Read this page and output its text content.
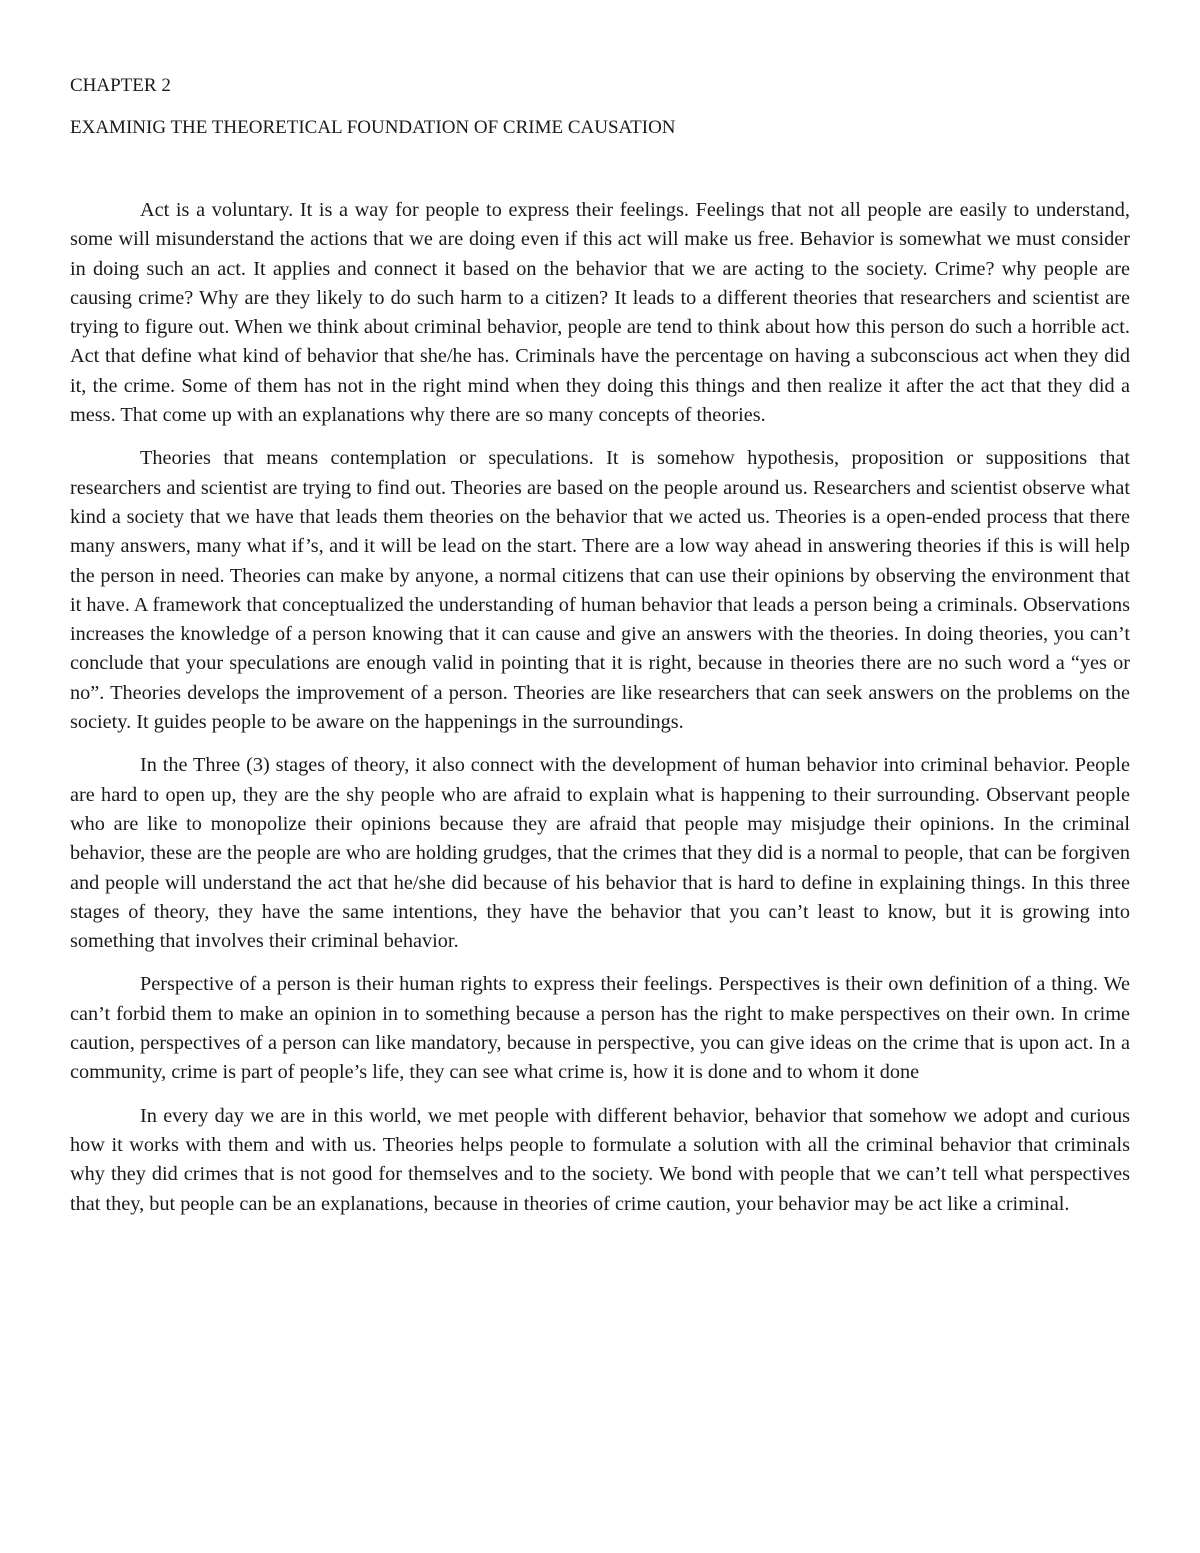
CHAPTER 2
EXAMINIG THE THEORETICAL FOUNDATION OF CRIME CAUSATION

Act is a voluntary. It is a way for people to express their feelings. Feelings that not all people are easily to understand, some will misunderstand the actions that we are doing even if this act will make us free. Behavior is somewhat we must consider in doing such an act. It applies and connect it based on the behavior that we are acting to the society. Crime? why people are causing crime? Why are they likely to do such harm to a citizen? It leads to a different theories that researchers and scientist are trying to figure out. When we think about criminal behavior, people are tend to think about how this person do such a horrible act. Act that define what kind of behavior that she/he has. Criminals have the percentage on having a subconscious act when they did it, the crime. Some of them has not in the right mind when they doing this things and then realize it after the act that they did a mess. That come up with an explanations why there are so many concepts of theories.

Theories that means contemplation or speculations. It is somehow hypothesis, proposition or suppositions that researchers and scientist are trying to find out. Theories are based on the people around us. Researchers and scientist observe what kind a society that we have that leads them theories on the behavior that we acted us. Theories is a open-ended process that there many answers, many what if’s, and it will be lead on the start. There are a low way ahead in answering theories if this is will help the person in need. Theories can make by anyone, a normal citizens that can use their opinions by observing the environment that it have. A framework that conceptualized the understanding of human behavior that leads a person being a criminals. Observations increases the knowledge of a person knowing that it can cause and give an answers with the theories. In doing theories, you can’t conclude that your speculations are enough valid in pointing that it is right, because in theories there are no such word a “yes or no”. Theories develops the improvement of a person. Theories are like researchers that can seek answers on the problems on the society. It guides people to be aware on the happenings in the surroundings.

In the Three (3) stages of theory, it also connect with the development of human behavior into criminal behavior. People are hard to open up, they are the shy people who are afraid to explain what is happening to their surrounding. Observant people who are like to monopolize their opinions because they are afraid that people may misjudge their opinions. In the criminal behavior, these are the people are who are holding grudges, that the crimes that they did is a normal to people, that can be forgiven and people will understand the act that he/she did because of his behavior that is hard to define in explaining things. In this three stages of theory, they have the same intentions, they have the behavior that you can’t least to know, but it is growing into something that involves their criminal behavior.

Perspective of a person is their human rights to express their feelings. Perspectives is their own definition of a thing. We can’t forbid them to make an opinion in to something because a person has the right to make perspectives on their own. In crime caution, perspectives of a person can like mandatory, because in perspective, you can give ideas on the crime that is upon act. In a community, crime is part of people’s life, they can see what crime is, how it is done and to whom it done

In every day we are in this world, we met people with different behavior, behavior that somehow we adopt and curious how it works with them and with us. Theories helps people to formulate a solution with all the criminal behavior that criminals why they did crimes that is not good for themselves and to the society. We bond with people that we can’t tell what perspectives that they, but people can be an explanations, because in theories of crime caution, your behavior may be act like a criminal.
